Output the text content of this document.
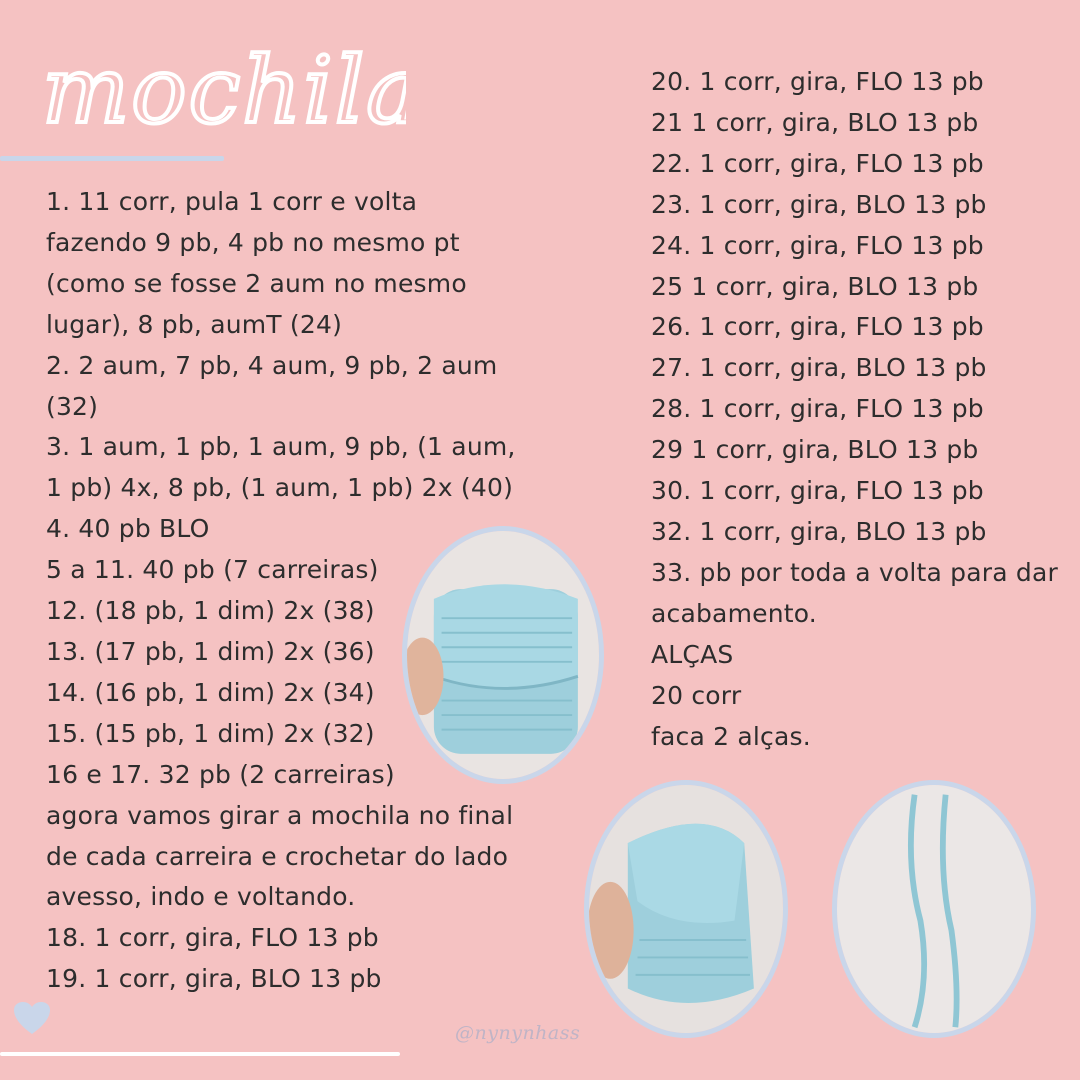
mochila
1. 11 corr, pula 1 corr e volta
fazendo 9 pb, 4 pb no mesmo pt
(como se fosse 2 aum no mesmo
lugar), 8 pb, aumT (24)
2. 2 aum, 7 pb, 4 aum, 9 pb, 2 aum
(32)
3. 1 aum, 1 pb, 1 aum, 9 pb, (1 aum,
1 pb) 4x, 8 pb, (1 aum, 1 pb) 2x (40)
4. 40 pb BLO
5 a 11. 40 pb (7 carreiras)
12. (18 pb, 1 dim) 2x (38)
13. (17 pb, 1 dim) 2x (36)
14. (16 pb, 1 dim) 2x (34)
15. (15 pb, 1 dim) 2x (32)
16 e 17. 32 pb (2 carreiras)
agora vamos girar a mochila no final
de cada carreira e crochetar do lado
avesso, indo e voltando.
18. 1 corr, gira, FLO 13 pb
19. 1 corr, gira, BLO 13 pb
20. 1 corr, gira, FLO 13 pb
21 1 corr, gira, BLO 13 pb
22. 1 corr, gira, FLO 13 pb
23. 1 corr, gira, BLO 13 pb
24. 1 corr, gira, FLO 13 pb
25 1 corr, gira, BLO 13 pb
26. 1 corr, gira, FLO 13 pb
27. 1 corr, gira, BLO 13 pb
28. 1 corr, gira, FLO 13 pb
29 1 corr, gira, BLO 13 pb
30. 1 corr, gira, FLO 13 pb
32. 1 corr, gira, BLO 13 pb
33. pb por toda a volta para dar
acabamento.
ALÇAS
20 corr
faca 2 alças.
@nynynhass
